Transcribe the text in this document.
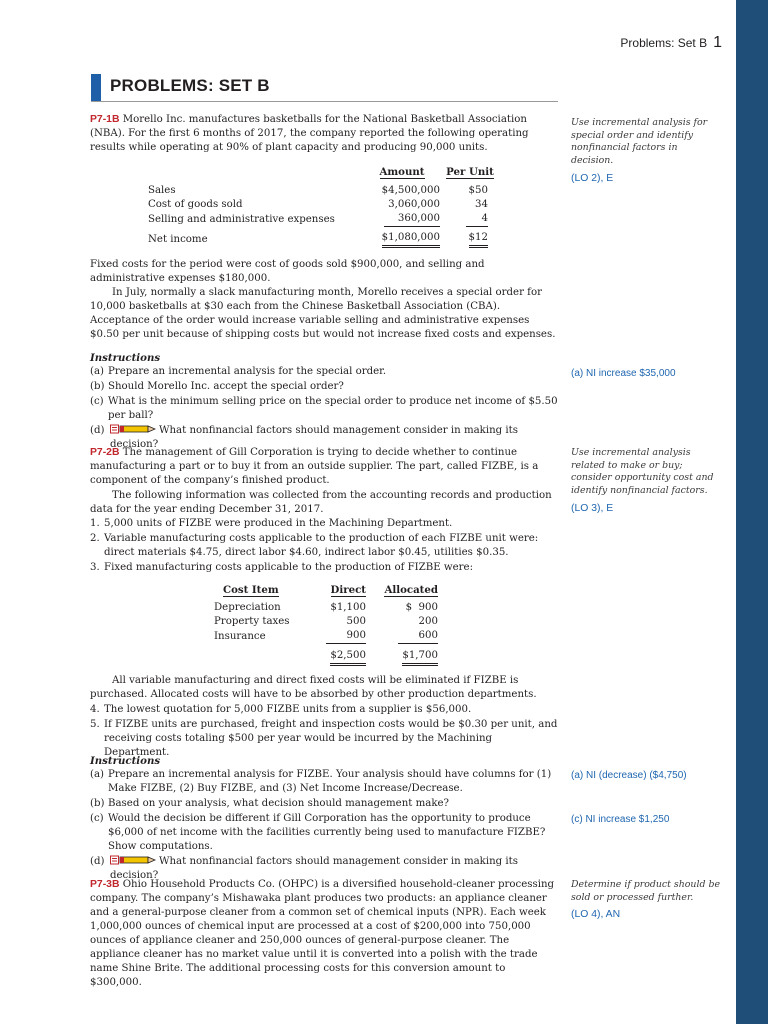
Problems: Set B 1
PROBLEMS: SET B

P7-1B Morello Inc. manufactures basketballs for the National Basketball Association (NBA). For the first 6 months of 2017, the company reported the following operating results while operating at 90% of plant capacity and producing 90,000 units.

Use incremental analysis for special order and identify nonfinancial factors in decision.
(LO 2), E
	Amount	Per Unit

Sales	$4,500,000	$50
Cost of goods sold	3,060,000	34
Selling and administrative expenses	360,000	4

Net income	$1,080,000	$12

Fixed costs for the period were cost of goods sold $900,000, and selling and administrative expenses $180,000.

In July, normally a slack manufacturing month, Morello receives a special order for 10,000 basketballs at $30 each from the Chinese Basketball Association (CBA). Acceptance of the order would increase variable selling and administrative expenses $0.50 per unit because of shipping costs but would not increase fixed costs and expenses.

Instructions
(a) Prepare an incremental analysis for the special order.
(b) Should Morello Inc. accept the special order?
(c) What is the minimum selling price on the special order to produce net income of $5.50 per ball?
(d)	What nonfinancial factors should management consider in making its decision?
(a) NI increase $35,000

P7-2B The management of Gill Corporation is trying to decide whether to continue manufacturing a part or to buy it from an outside supplier. The part, called FIZBE, is a component of the company’s finished product.

The following information was collected from the accounting records and production data for the year ending December 31, 2017.

Use incremental analysis related to make or buy; consider opportunity cost and identify nonfinancial factors.
(LO 3), E
1. 5,000 units of FIZBE were produced in the Machining Department.
2. Variable manufacturing costs applicable to the production of each FIZBE unit were: direct materials $4.75, direct labor $4.60, indirect labor $0.45, utilities $0.35.
3. Fixed manufacturing costs applicable to the production of FIZBE were:
Cost Item	Direct	Allocated

Depreciation	$1,100	$  900
Property taxes	500	200
Insurance	900	600

	$2,500	$1,700

All variable manufacturing and direct fixed costs will be eliminated if FIZBE is purchased. Allocated costs will have to be absorbed by other production departments.

4. The lowest quotation for 5,000 FIZBE units from a supplier is $56,000.
5. If FIZBE units are purchased, freight and inspection costs would be $0.30 per unit, and receiving costs totaling $500 per year would be incurred by the Machining Department.
Instructions
(a) Prepare an incremental analysis for FIZBE. Your analysis should have columns for (1) Make FIZBE, (2) Buy FIZBE, and (3) Net Income Increase/Decrease.
(b) Based on your analysis, what decision should management make?
(c) Would the decision be different if Gill Corporation has the opportunity to produce $6,000 of net income with the facilities currently being used to manufacture FIZBE? Show computations.
(d)	What nonfinancial factors should management consider in making its decision?
(a) NI (decrease) ($4,750)
(c) NI increase $1,250

P7-3B Ohio Household Products Co. (OHPC) is a diversified household-cleaner processing company. The company’s Mishawaka plant produces two products: an appliance cleaner and a general-purpose cleaner from a common set of chemical inputs (NPR). Each week 1,000,000 ounces of chemical input are processed at a cost of $200,000 into 750,000 ounces of appliance cleaner and 250,000 ounces of general-purpose cleaner. The appliance cleaner has no market value until it is converted into a polish with the trade name Shine Brite. The additional processing costs for this conversion amount to $300,000.

Determine if product should be sold or processed further.
(LO 4), AN
